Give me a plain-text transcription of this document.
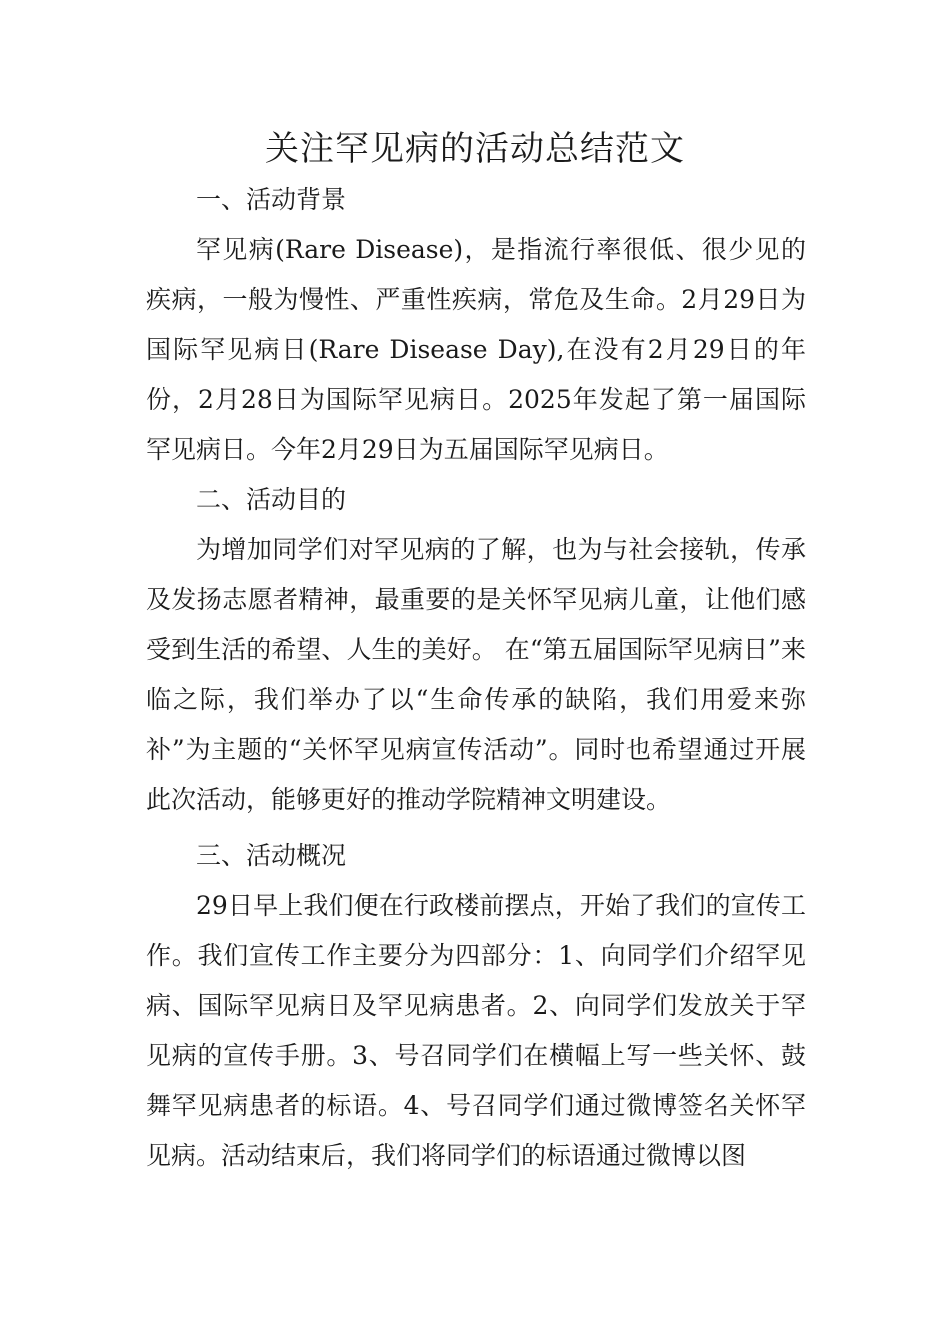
关注罕见病的活动总结范文
一、活动背景

罕见病(Rare Disease)，是指流行率很低、很少见的疾病，一般为慢性、严重性疾病，常危及生命。2月29日为国际罕见病日(Rare Disease Day),在没有2月29日的年份，2月28日为国际罕见病日。2025年发起了第一届国际罕见病日。今年2月29日为五届国际罕见病日。

二、活动目的

为增加同学们对罕见病的了解，也为与社会接轨，传承及发扬志愿者精神，最重要的是关怀罕见病儿童，让他们感受到生活的希望、人生的美好。 在“第五届国际罕见病日”来临之际，我们举办了以“生命传承的缺陷，我们用爱来弥补”为主题的“关怀罕见病宣传活动”。同时也希望通过开展此次活动，能够更好的推动学院精神文明建设。

三、活动概况

29日早上我们便在行政楼前摆点，开始了我们的宣传工作。我们宣传工作主要分为四部分：1、向同学们介绍罕见病、国际罕见病日及罕见病患者。2、向同学们发放关于罕见病的宣传手册。3、号召同学们在横幅上写一些关怀、鼓舞罕见病患者的标语。4、号召同学们通过微博签名关怀罕见病。活动结束后，我们将同学们的标语通过微博以图
